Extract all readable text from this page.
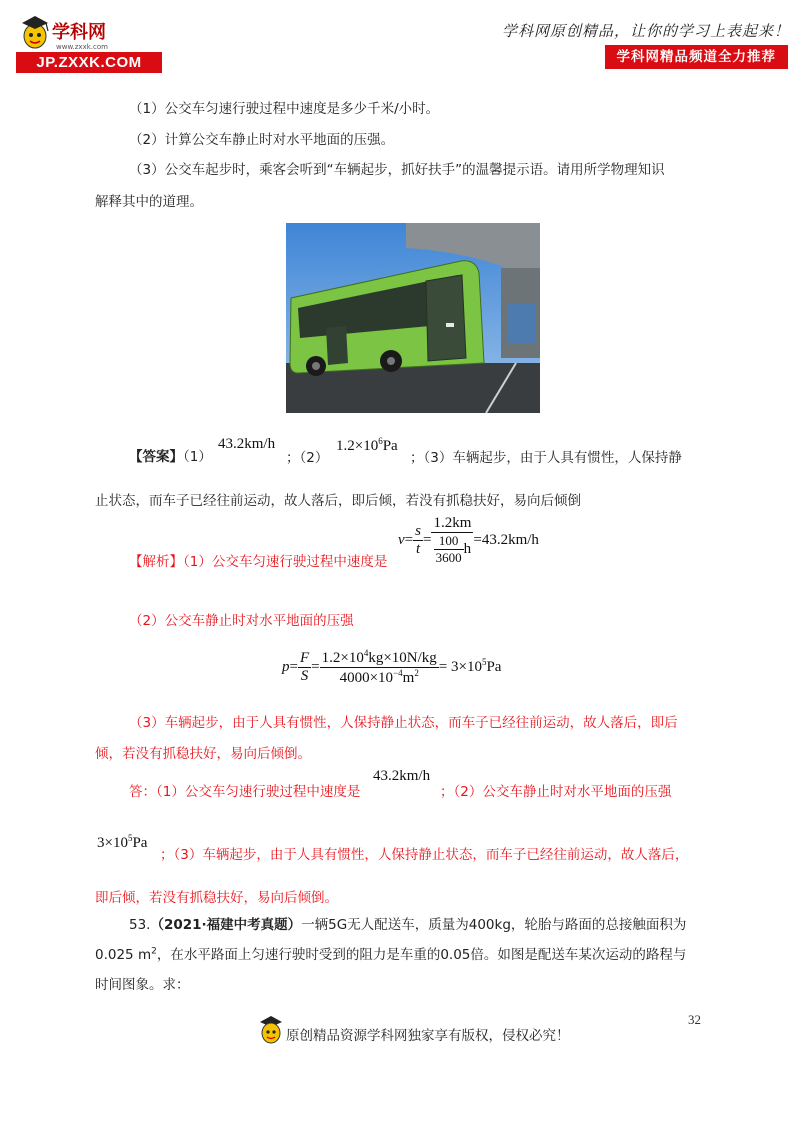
学科网
www.zxxk.com
JP.ZXXK.COM
学科网原创精品，让你的学习上表起来！
学科网精品频道全力推荐
（1）公交车匀速行驶过程中速度是多少千米/小时。
（2）计算公交车静止时对水平地面的压强。
（3）公交车起步时，乘客会听到“车辆起步，抓好扶手”的温馨提示语。请用所学物理知识
解释其中的道理。
【答案】（1）
43.2km/h
；（2）
$1.2\times 10^6Pa$
；（3）车辆起步，由于人具有惯性，人保持静
止状态，而车子已经往前运动，故人落后，即后倾，若没有抓稳扶好，易向后倾倒
【解析】（1）公交车匀速行驶过程中速度是
$v= \frac{s}{t} = \frac{1.2km}{\frac{100}{3600} h} =43.2km/h$
（2）公交车静止时对水平地面的压强
$p= \frac{F}{S} = \frac{1.2\times 10^4kg\times 10N/kg}{4000\times 10^{-4}m^2} = 3\times 10^5Pa$
（3）车辆起步，由于人具有惯性，人保持静止状态，而车子已经往前运动，故人落后，即后
倾，若没有抓稳扶好，易向后倾倒。
答：（1）公交车匀速行驶过程中速度是
43.2km/h
；（2）公交车静止时对水平地面的压强
$3\times 10^5Pa$
；（3）车辆起步，由于人具有惯性，人保持静止状态，而车子已经往前运动，故人落后，
即后倾，若没有抓稳扶好，易向后倾倒。
53.（2021·福建中考真题）一辆5G无人配送车，质量为400kg，轮胎与路面的总接触面积为
0.025 $m^2$，在水平路面上匀速行驶时受到的阻力是车重的0.05倍。如图是配送车某次运动的路程与
时间图象。求：
原创精品资源学科网独家享有版权，侵权必究！
32
